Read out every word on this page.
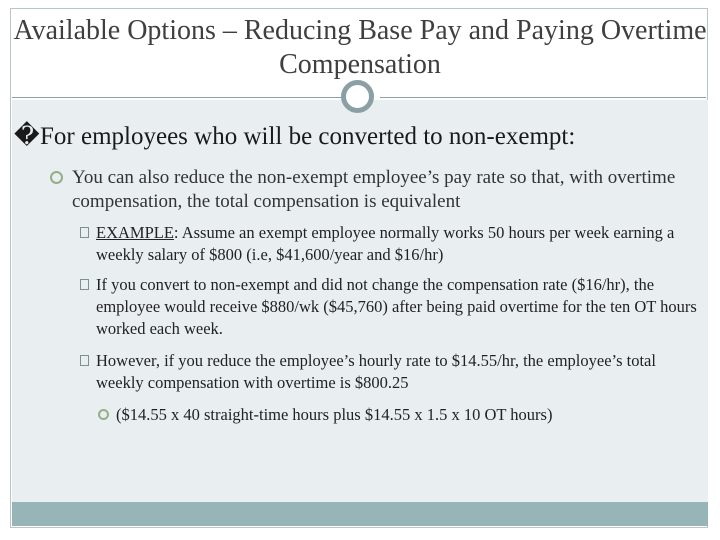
Available Options – Reducing Base Pay and Paying Overtime Compensation
�For employees who will be converted to non-exempt:
You can also reduce the non-exempt employee’s pay rate so that, with overtime compensation, the total compensation is equivalent
EXAMPLE: Assume an exempt employee normally works 50 hours per week earning a weekly salary of $800 (i.e, $41,600/year and $16/hr)
If you convert to non-exempt and did not change the compensation rate ($16/hr), the employee would receive $880/wk ($45,760) after being paid overtime for the ten OT hours worked each week.
However, if you reduce the employee’s hourly rate to $14.55/hr, the employee’s total weekly compensation with overtime is $800.25
($14.55 x 40 straight-time hours plus $14.55 x 1.5 x 10 OT hours)
